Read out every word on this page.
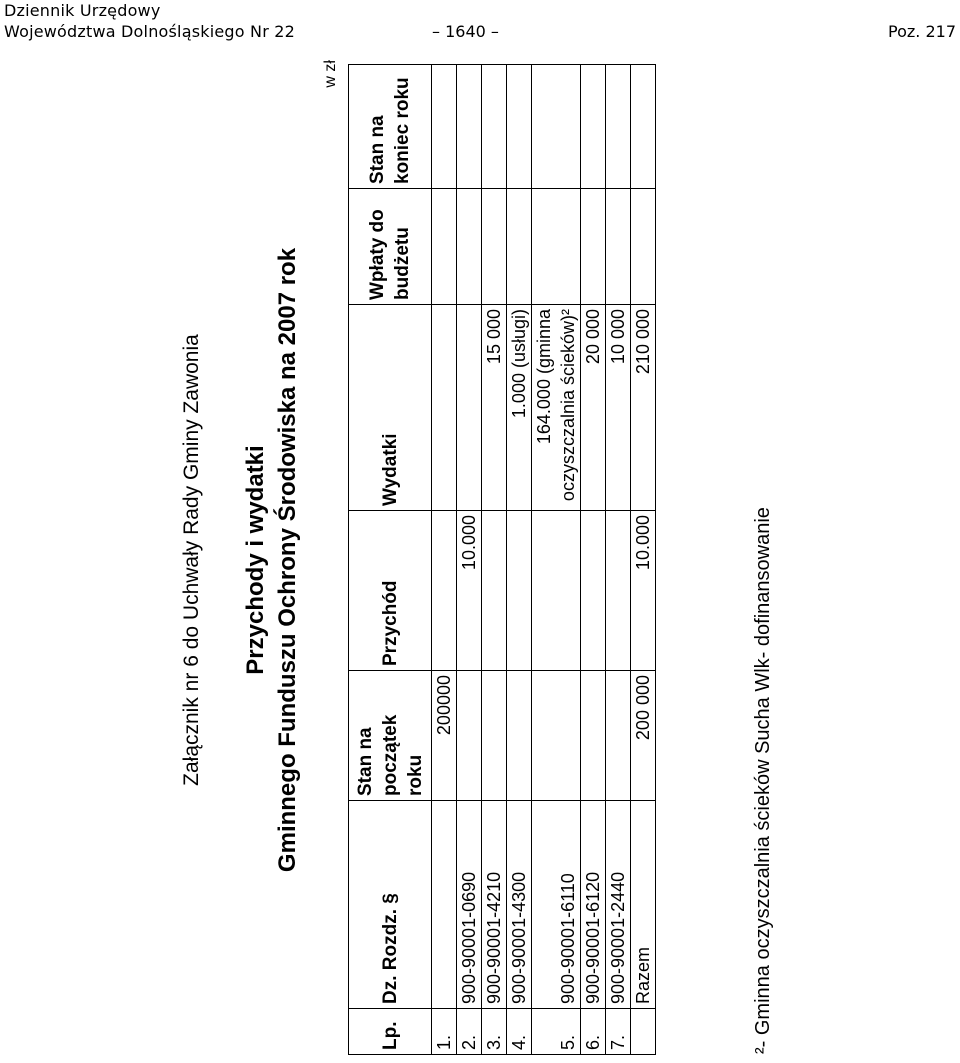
Dziennik Urzędowy
Województwa Dolnośląskiego Nr 22	– 1640 –	Poz. 217
Załącznik nr 6 do Uchwały Rady Gminy Zawonia Przychody i wydatki Gminnego Funduszu Ochrony Środowiska na 2007 rok
w zł
Lp.	Dz. Rozdz. §	Stan na początek roku	Przychód	Wydatki	Wpłaty do budżetu	Stan na koniec roku
1.		200000				
2.	900-90001-0690		10.000			
3.	900-90001-4210			15 000		
4.	900-90001-4300			1.000 (usługi)		
5.	900-90001-6110			164.000 (gminna oczyszczalnia ścieków)²		
6.	900-90001-6120			20 000		
7.	900-90001-2440			10 000		
	Razem	200 000	10.000	210 000		
²- Gminna oczyszczalnia ścieków Sucha Wlk- dofinansowanie
